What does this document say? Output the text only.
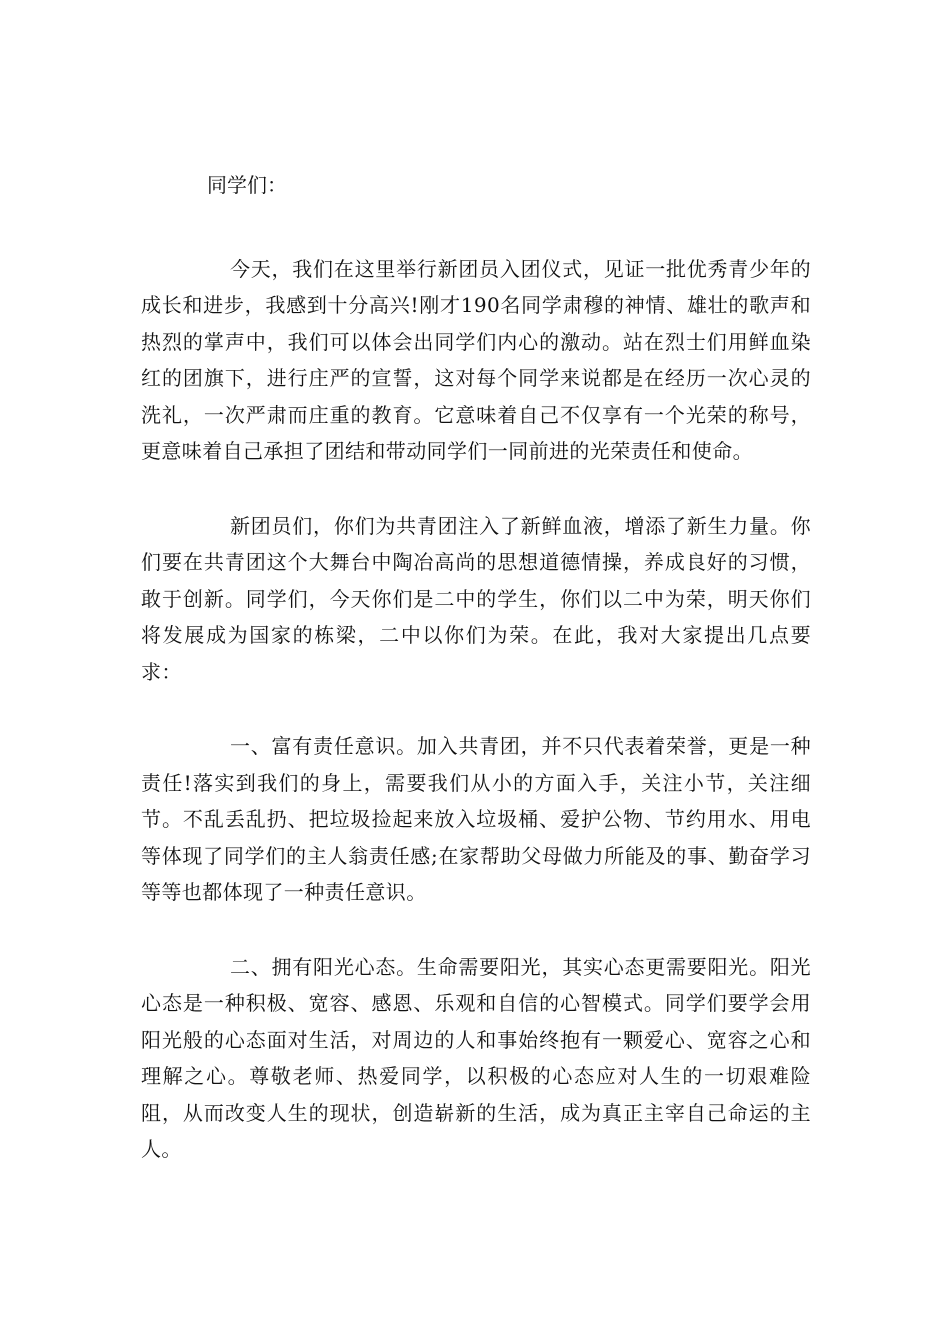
同学们：

今天，我们在这里举行新团员入团仪式，见证一批优秀青少年的成长和进步，我感到十分高兴!刚才190名同学肃穆的神情、雄壮的歌声和热烈的掌声中，我们可以体会出同学们内心的激动。站在烈士们用鲜血染红的团旗下，进行庄严的宣誓，这对每个同学来说都是在经历一次心灵的洗礼，一次严肃而庄重的教育。它意味着自己不仅享有一个光荣的称号，更意味着自己承担了团结和带动同学们一同前进的光荣责任和使命。

新团员们，你们为共青团注入了新鲜血液，增添了新生力量。你们要在共青团这个大舞台中陶冶高尚的思想道德情操，养成良好的习惯，敢于创新。同学们，今天你们是二中的学生，你们以二中为荣，明天你们将发展成为国家的栋梁，二中以你们为荣。在此，我对大家提出几点要求：

一、富有责任意识。加入共青团，并不只代表着荣誉，更是一种责任!落实到我们的身上，需要我们从小的方面入手，关注小节，关注细节。不乱丢乱扔、把垃圾捡起来放入垃圾桶、爱护公物、节约用水、用电等体现了同学们的主人翁责任感;在家帮助父母做力所能及的事、勤奋学习等等也都体现了一种责任意识。

二、拥有阳光心态。生命需要阳光，其实心态更需要阳光。阳光心态是一种积极、宽容、感恩、乐观和自信的心智模式。同学们要学会用阳光般的心态面对生活，对周边的人和事始终抱有一颗爱心、宽容之心和理解之心。尊敬老师、热爱同学，以积极的心态应对人生的一切艰难险阻，从而改变人生的现状，创造崭新的生活，成为真正主宰自己命运的主人。
